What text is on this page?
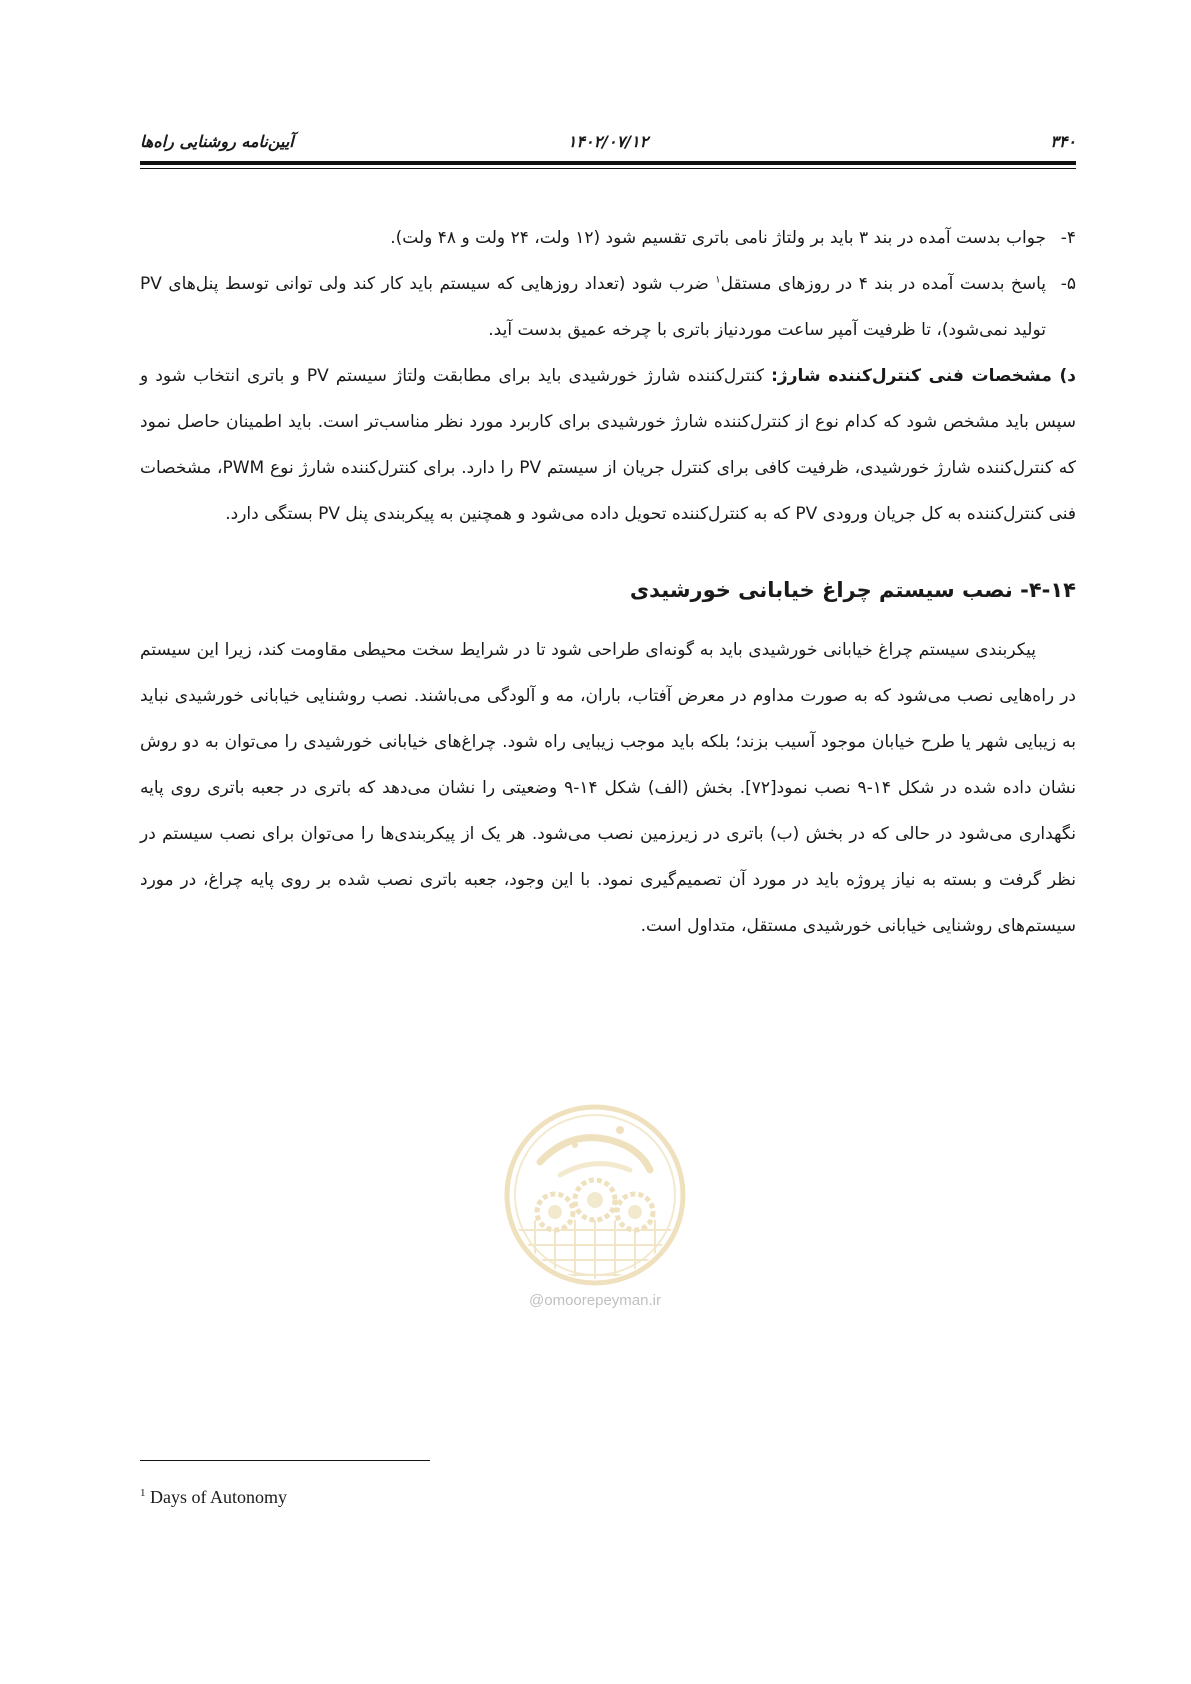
۳۴۰
۱۴۰۲/۰۷/۱۲
آیین‌نامه روشنایی راه‌ها

۴-
جواب بدست آمده در بند ۳ باید بر ولتاژ نامی باتری تقسیم شود (۱۲ ولت، ۲۴ ولت و ۴۸ ولت).

۵-
پاسخ بدست آمده در بند ۴ در روزهای مستقل$^۱$ ضرب شود (تعداد روزهایی که سیستم باید کار کند ولی توانی توسط پنل‌های PV تولید نمی‌شود)، تا ظرفیت آمپر ساعت موردنیاز باتری با چرخه عمیق بدست آید.

د) مشخصات فنی کنترل‌کننده شارژ: کنترل‌کننده شارژ خورشیدی باید برای مطابقت ولتاژ سیستم PV و باتری انتخاب شود و سپس باید مشخص شود که کدام نوع از کنترل‌کننده شارژ خورشیدی برای کاربرد مورد نظر مناسب‌تر است. باید اطمینان حاصل نمود که کنترل‌کننده شارژ خورشیدی، ظرفیت کافی برای کنترل جریان از سیستم PV را دارد. برای کنترل‌کننده شارژ نوع PWM، مشخصات فنی کنترل‌کننده به کل جریان ورودی PV که به کنترل‌کننده تحویل داده می‌شود و همچنین به پیکربندی پنل PV بستگی دارد.

۴-۱۴- نصب سیستم چراغ خیابانی خورشیدی

پیکربندی سیستم چراغ خیابانی خورشیدی باید به گونه‌ای طراحی شود تا در شرایط سخت محیطی مقاومت کند، زیرا این سیستم در راه‌هایی نصب می‌شود که به صورت مداوم در معرض آفتاب، باران، مه و آلودگی می‌باشند. نصب روشنایی خیابانی خورشیدی نباید به زیبایی شهر یا طرح خیابان موجود آسیب بزند؛ بلکه باید موجب زیبایی راه شود. چراغ‌های خیابانی خورشیدی را می‌توان به دو روش نشان داده شده در شکل ۱۴-۹ نصب نمود[۷۲]. بخش (الف) شکل ۱۴-۹ وضعیتی را نشان می‌دهد که باتری در جعبه باتری روی پایه نگهداری می‌شود در حالی که در بخش (ب) باتری در زیرزمین نصب می‌شود. هر یک از پیکربندی‌ها را می‌توان برای نصب سیستم در نظر گرفت و بسته به نیاز پروژه باید در مورد آن تصمیم‌گیری نمود. با این وجود، جعبه باتری نصب شده بر روی پایه چراغ، در مورد سیستم‌های روشنایی خیابانی خورشیدی مستقل، متداول است.

@omoorepeyman.ir
$^1$ Days of Autonomy
